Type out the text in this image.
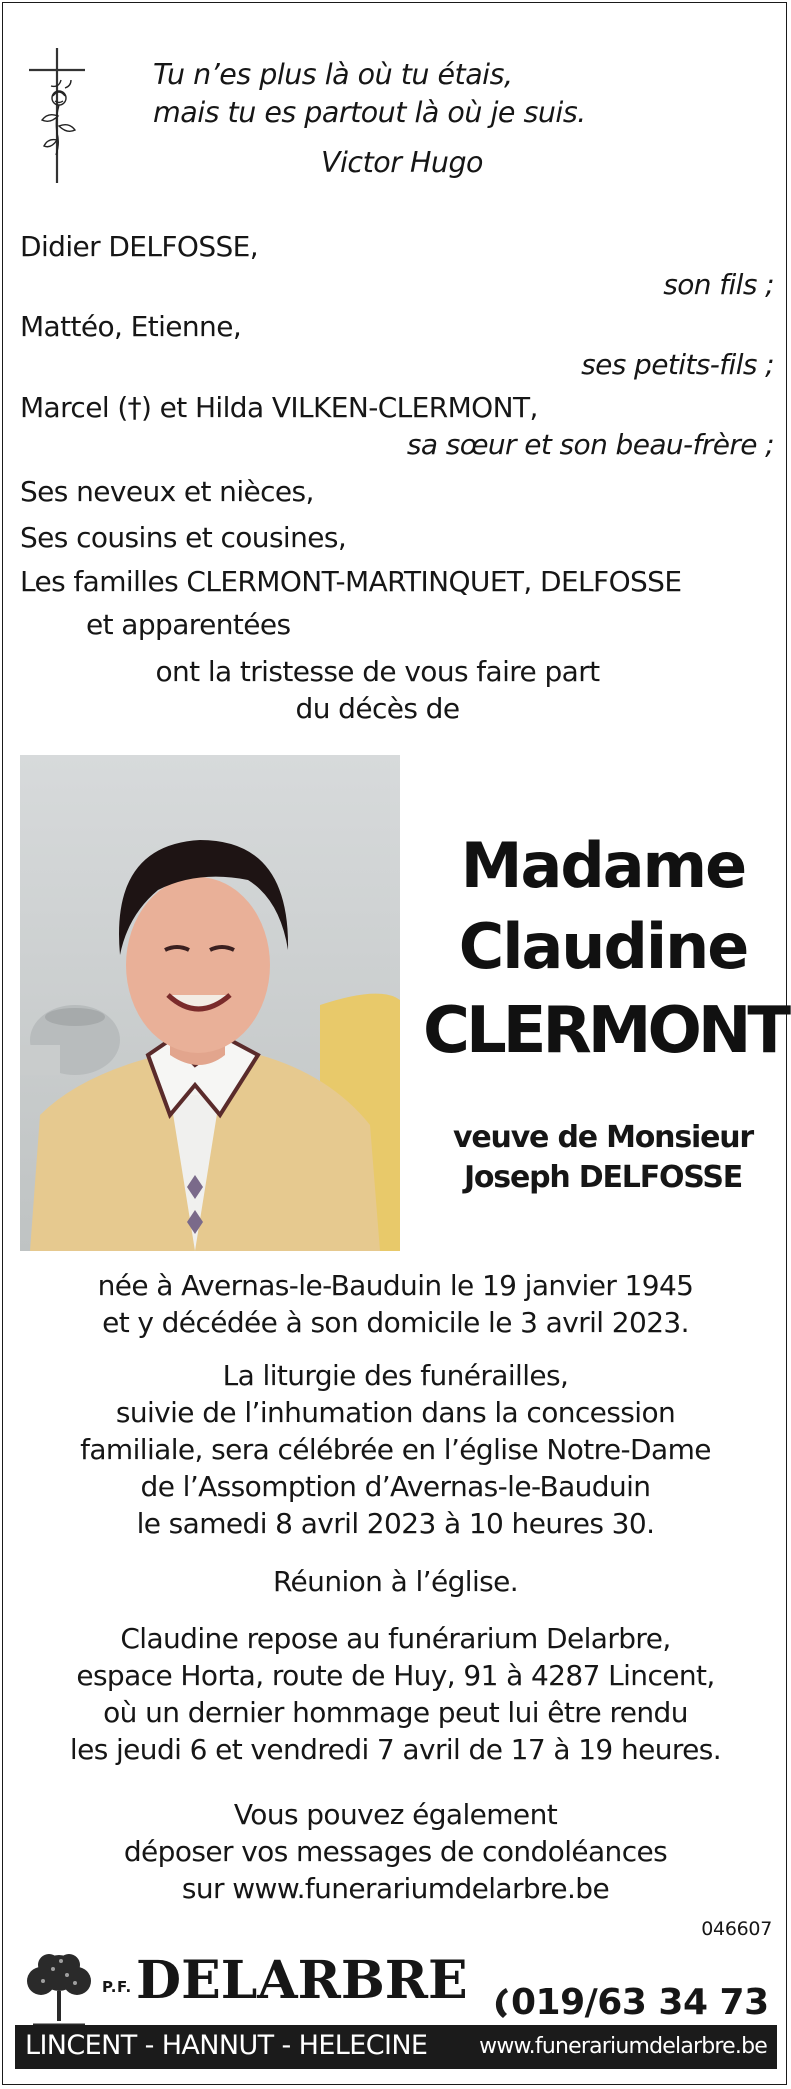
Tu n’es plus là où tu étais,
mais tu es partout là où je suis.
Victor Hugo
Didier DELFOSSE,
son fils ;
Mattéo, Etienne,
ses petits-fils ;
Marcel (†) et Hilda VILKEN-CLERMONT,
sa sœur et son beau-frère ;
Ses neveux et nièces,
Ses cousins et cousines,
Les familles CLERMONT-MARTINQUET, DELFOSSE
et apparentées
ont la tristesse de vous faire part
du décès de
Madame
Claudine
CLERMONT
veuve de Monsieur
Joseph DELFOSSE
née à Avernas-le-Bauduin le 19 janvier 1945
et y décédée à son domicile le 3 avril 2023.
La liturgie des funérailles,
suivie de l’inhumation dans la concession
familiale, sera célébrée en l’église Notre-Dame
de l’Assomption d’Avernas-le-Bauduin
le samedi 8 avril 2023 à 10 heures 30.
Réunion à l’église.
Claudine repose au funérarium Delarbre,
espace Horta, route de Huy, 91 à 4287 Lincent,
où un dernier hommage peut lui être rendu
les jeudi 6 et vendredi 7 avril de 17 à 19 heures.
Vous pouvez également
déposer vos messages de condoléances
sur www.funerariumdelarbre.be
046607
P.F. DELARBRE 019/63 34 73
LINCENT - HANNUT - HELECINE www.funerariumdelarbre.be
